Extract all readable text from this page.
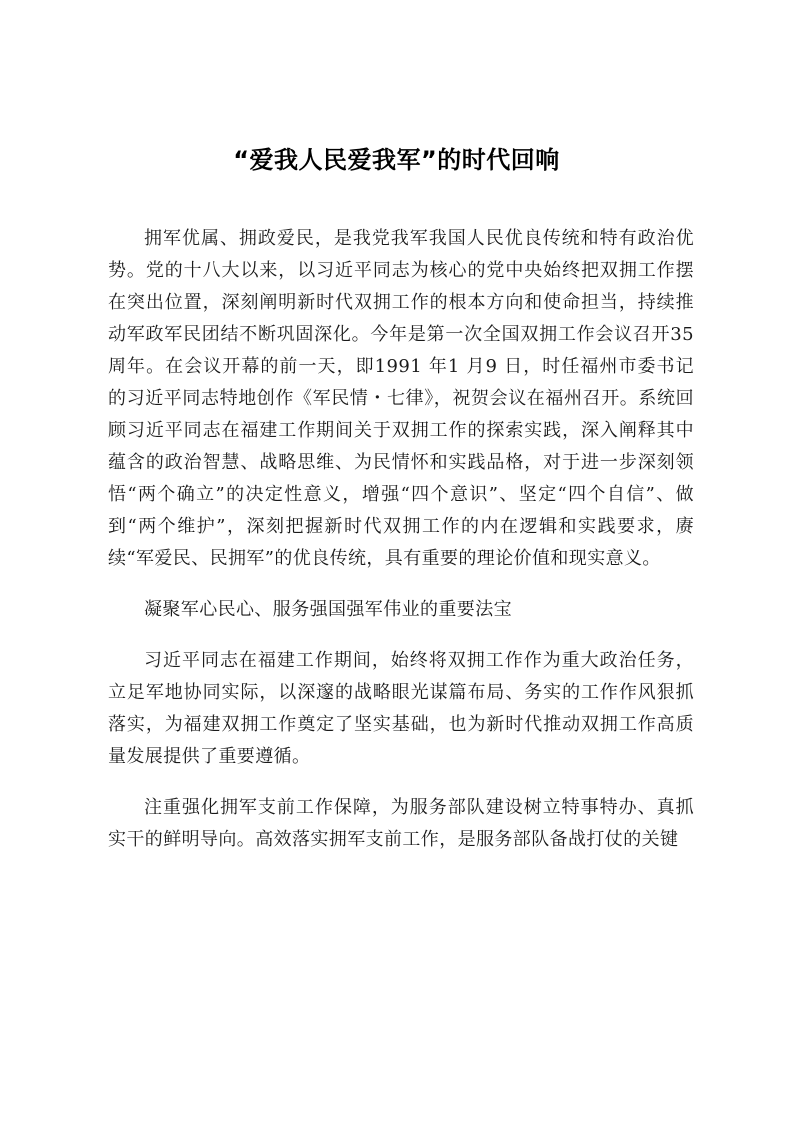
“爱我人民爱我军”的时代回响

拥军优属、拥政爱民，是我党我军我国人民优良传统和特有政治优势。党的十八大以来，以习近平同志为核心的党中央始终把双拥工作摆在突出位置，深刻阐明新时代双拥工作的根本方向和使命担当，持续推动军政军民团结不断巩固深化。今年是第一次全国双拥工作会议召开35周年。在会议开幕的前一天，即1991 年1 月9 日，时任福州市委书记的习近平同志特地创作《军民情・七律》，祝贺会议在福州召开。系统回顾习近平同志在福建工作期间关于双拥工作的探索实践，深入阐释其中蕴含的政治智慧、战略思维、为民情怀和实践品格，对于进一步深刻领悟“两个确立”的决定性意义，增强“四个意识”、坚定“四个自信”、做到“两个维护”，深刻把握新时代双拥工作的内在逻辑和实践要求，赓续“军爱民、民拥军”的优良传统，具有重要的理论价值和现实意义。

凝聚军心民心、服务强国强军伟业的重要法宝

习近平同志在福建工作期间，始终将双拥工作作为重大政治任务，立足军地协同实际，以深邃的战略眼光谋篇布局、务实的工作作风狠抓落实，为福建双拥工作奠定了坚实基础，也为新时代推动双拥工作高质量发展提供了重要遵循。

注重强化拥军支前工作保障，为服务部队建设树立特事特办、真抓实干的鲜明导向。高效落实拥军支前工作，是服务部队备战打仗的关键
